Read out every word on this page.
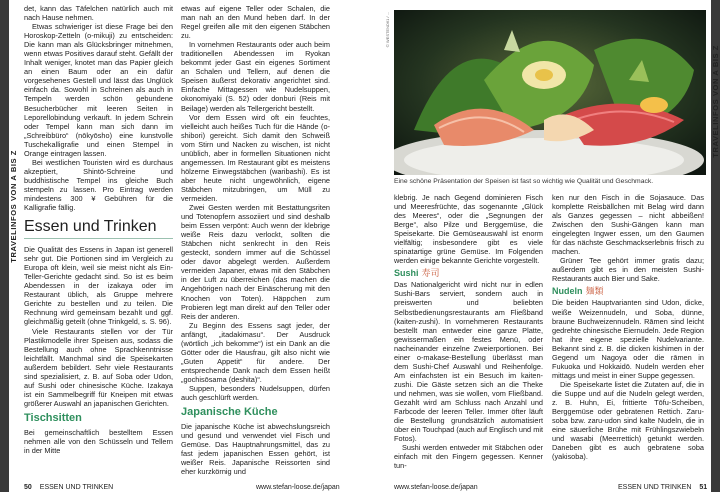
TRAVELINFOS VON A BIS Z
TRAVELINFOS VON A BIS Z

det, kann das Täfelchen natürlich auch mit nach Hause nehmen.

Etwas schwieriger ist diese Frage bei den Horoskop-Zetteln (o-mikuji) zu entscheiden: Die kann man als Glücksbringer mitnehmen, wenn etwas Positives darauf steht. Gefällt der Inhalt weniger, knotet man das Papier gleich an einen Baum oder an ein dafür vorgesehenes Gestell und lässt das Unglück einfach da. Sowohl in Schreinen als auch in Tempeln werden schön gebundene Besucherbücher mit leeren Seiten in Leporellobindung verkauft. In jedem Schrein oder Tempel kann man sich dann im „Schreibbüro“ (nōkyōsho) eine kunstvolle Tuschekalligrafie und einen Stempel in Orange eintragen lassen.

Bei westlichen Touristen wird es durchaus akzeptiert, Shintō-Schreine und buddhistische Tempel ins gleiche Buch stempeln zu lassen. Pro Eintrag werden mindestens 300 ¥ Gebühren für die Kalligrafie fällig.

Essen und Trinken

Die Qualität des Essens in Japan ist generell sehr gut. Die Portionen sind im Vergleich zu Europa oft klein, weil sie meist nicht als Ein-Teller-Gerichte gedacht sind. So ist es beim Abendessen in der izakaya oder im Restaurant üblich, als Gruppe mehrere Gerichte zu bestellen und zu teilen. Die Rechnung wird gemeinsam bezahlt und ggf. gleichmäßig geteilt (ohne Trinkgeld, s. S. 96).

Viele Restaurants stellen vor der Tür Plastikmodelle ihrer Speisen aus, sodass die Bestellung auch ohne Sprachkenntnisse leichtfällt. Manchmal sind die Speisekarten außerdem bebildert. Sehr viele Restaurants sind spezialisiert, z. B. auf Soba oder Udon, auf Sushi oder chinesische Küche. Izakaya ist ein Sammelbegriff für Kneipen mit etwas größerer Auswahl an japanischen Gerichten.

Tischsitten

Bei gemeinschaftlich bestelltem Essen nehmen alle von den Schüsseln und Tellern in der Mitte

etwas auf eigene Teller oder Schalen, die man nah an den Mund heben darf. In der Regel greifen alle mit den eigenen Stäbchen zu.

In vornehmen Restaurants oder auch beim traditionellen Abendessen im Ryokan bekommt jeder Gast ein eigenes Sortiment an Schalen und Tellern, auf denen die Speisen äußerst dekorativ angerichtet sind. Einfache Mittagessen wie Nudelsuppen, okonomiyaki (S. 52) oder donburi (Reis mit Beilage) werden als Tellergericht bestellt.

Vor dem Essen wird oft ein feuchtes, vielleicht auch heißes Tuch für die Hände (o-shibori) gereicht. Sich damit den Schweiß vom Stirn und Nacken zu wischen, ist nicht unüblich, aber in formellen Situationen nicht angemessen. Im Restaurant gibt es meistens hölzerne Einwegstäbchen (waribashi). Es ist aber heute nicht ungewöhnlich, eigene Stäbchen mitzubringen, um Müll zu vermeiden.

Zwei Gesten werden mit Bestattungsriten und Totenopfern assoziiert und sind deshalb beim Essen verpönt: Auch wenn der klebrige weiße Reis dazu verlockt, sollten die Stäbchen nicht senkrecht in den Reis gesteckt, sondern immer auf die Schüssel oder davor abgelegt werden. Außerdem vermeiden Japaner, etwas mit den Stäbchen in der Luft zu überreichen (das machen die Angehörigen nach der Einäscherung mit den Knochen von Toten). Häppchen zum Probieren legt man direkt auf den Teller oder Reis der anderen.

Zu Beginn des Essens sagt jeder, der anfängt, „itadakimasu“. Der Ausdruck (wörtlich „ich bekomme“) ist ein Dank an die Götter oder die Hausfrau, gilt also nicht wie „Guten Appetit“ für andere. Der entsprechende Dank nach dem Essen heißt „gochisōsama (deshita)“.

Suppen, besonders Nudelsuppen, dürfen auch geschlürft werden.

Japanische Küche

Die japanische Küche ist abwechslungsreich und gesund und verwendet viel Fisch und Gemüse. Das Hauptnahrungsmittel, das zu fast jedem japanischen Essen gehört, ist weißer Reis. Japanische Reissorten sind eher kurzkörnig und

© WESTEND61 / ...
Eine schöne Präsentation der Speisen ist fast so wichtig wie Qualität und Geschmack.

klebrig. Je nach Gegend dominieren Fisch und Meeresfrüchte, das sogenannte „Glück des Meeres“, oder die „Segnungen der Berge“, also Pilze und Berggemüse, die Speisekarte. Die Gemüseauswahl ist enorm vielfältig; insbesondere gibt es viele spinatartige grüne Gemüse. Im Folgenden werden einige bekannte Gerichte vorgestellt.

Sushi 寿司

Das Nationalgericht wird nicht nur in edlen Sushi-Bars serviert, sondern auch in preiswerten und beliebten Selbstbedienungsrestaurants am Fließband (kaiten-zushi). In vornehmeren Restaurants bestellt man entweder eine ganze Platte, gewissermaßen ein festes Menü, oder nacheinander einzelne Zweierportionen. Bei einer o-makase-Bestellung überlässt man dem Sushi-Chef Auswahl und Reihenfolge. Am einfachsten ist ein Besuch im kaiten-zushi. Die Gäste setzen sich an die Theke und nehmen, was sie wollen, vom Fließband. Gezahlt wird am Schluss nach Anzahl und Farbcode der leeren Teller. Immer öfter läuft die Bestellung grundsätzlich automatisiert über ein Touchpad (auch auf Englisch und mit Fotos).

Sushi werden entweder mit Stäbchen oder einfach mit den Fingern gegessen. Kenner tun-

ken nur den Fisch in die Sojasauce. Das komplette Reisbällchen mit Belag wird dann als Ganzes gegessen – nicht abbeißen! Zwischen den Sushi-Gängen kann man eingelegten Ingwer essen, um den Gaumen für das nächste Geschmackserlebnis frisch zu machen.

Grüner Tee gehört immer gratis dazu; außerdem gibt es in den meisten Sushi-Restaurants auch Bier und Sake.

Nudeln 麺類

Die beiden Hauptvarianten sind Udon, dicke, weiße Weizennudeln, und Soba, dünne, braune Buchweizennudeln. Rāmen sind leicht gedrehte chinesische Eiernudeln. Jede Region hat ihre eigene spezielle Nudelvariante. Bekannt sind z. B. die dicken kishimen in der Gegend um Nagoya oder die rāmen in Fukuoka und Hokkaidō. Nudeln werden eher mittags und meist in einer Suppe gegessen.

Die Speisekarte listet die Zutaten auf, die in die Suppe und auf die Nudeln gelegt werden, z. B. Huhn, Ei, frittierte Tōfu-Scheiben, Berggemüse oder gebratenen Rettich. Zaru-soba bzw. zaru-udon sind kalte Nudeln, die in eine säuerliche Brühe mit Frühlingszwiebeln und wasabi (Meerrettich) getunkt werden. Daneben gibt es auch gebratene soba (yakisoba).

50 ESSEN UND TRINKEN	www.stefan-loose.de/japan	www.stefan-loose.de/japan	ESSEN UND TRINKEN 51
